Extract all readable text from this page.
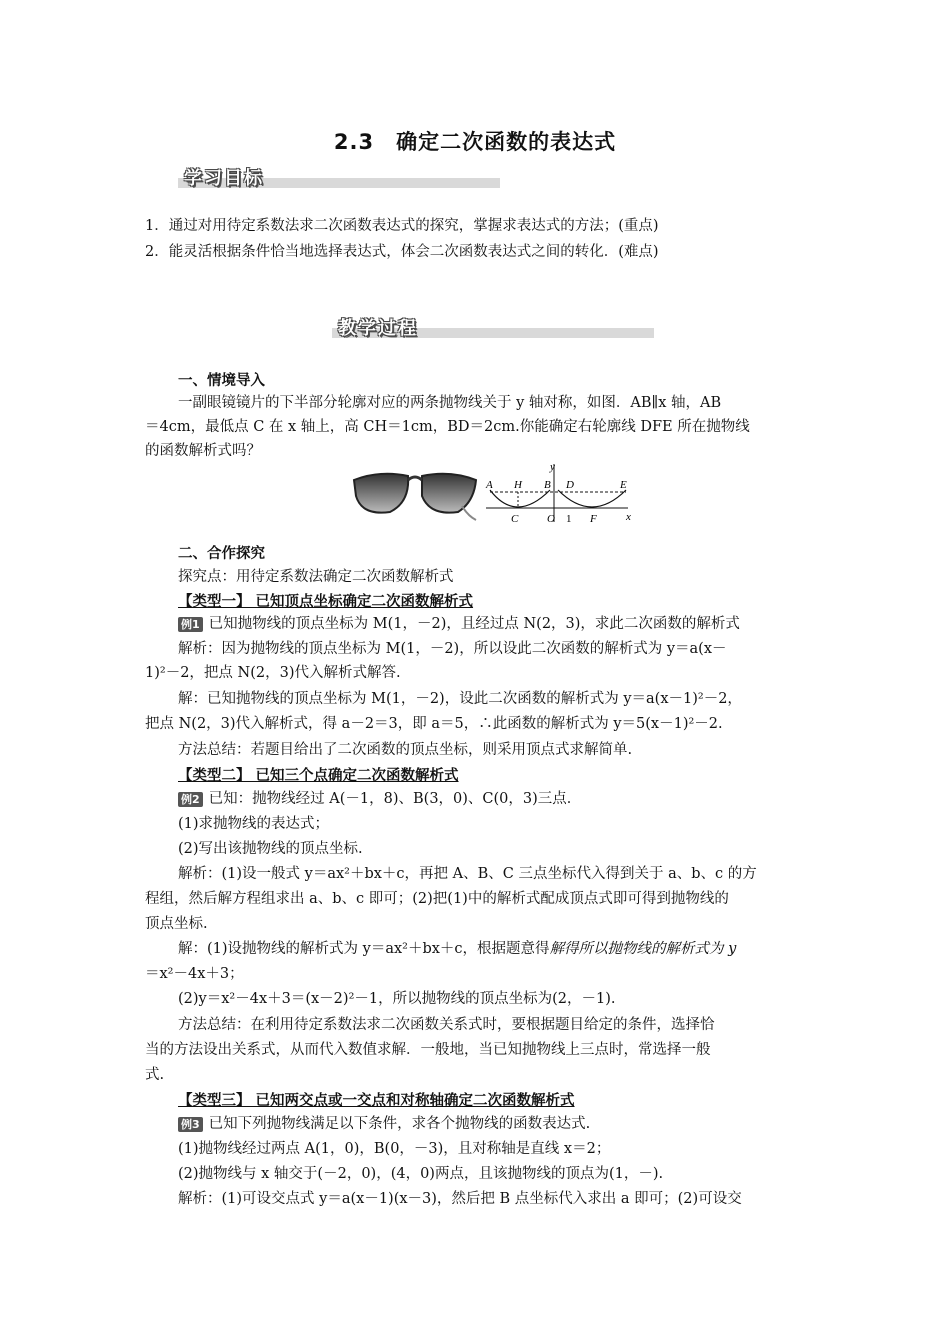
2.3　确定二次函数的表达式
学习目标
1．通过对用待定系数法求二次函数表达式的探究，掌握求表达式的方法；(重点)
2．能灵活根据条件恰当地选择表达式，体会二次函数表达式之间的转化．(难点)
教学过程
一、情境导入
一副眼镜镜片的下半部分轮廓对应的两条抛物线关于 y 轴对称，如图．AB∥x 轴，AB
＝4cm，最低点 C 在 x 轴上，高 CH＝1cm，BD＝2cm.你能确定右轮廓线 DFE 所在抛物线
的函数解析式吗？
A H B D	E
C	O 1 F	x
y
二、合作探究
探究点：用待定系数法确定二次函数解析式
【类型一】 已知顶点坐标确定二次函数解析式
例1 已知抛物线的顶点坐标为 M(1，－2)，且经过点 N(2，3)，求此二次函数的解析式
解析：因为抛物线的顶点坐标为 M(1，－2)，所以设此二次函数的解析式为 y＝a(x－
1)²－2，把点 N(2，3)代入解析式解答.
解：已知抛物线的顶点坐标为 M(1，－2)，设此二次函数的解析式为 y＝a(x－1)²－2，
把点 N(2，3)代入解析式，得 a－2＝3，即 a＝5，∴此函数的解析式为 y＝5(x－1)²－2.
方法总结：若题目给出了二次函数的顶点坐标，则采用顶点式求解简单.
【类型二】 已知三个点确定二次函数解析式
例2 已知：抛物线经过 A(－1，8)、B(3，0)、C(0，3)三点．
(1)求抛物线的表达式；
(2)写出该抛物线的顶点坐标.
解析：(1)设一般式 y＝ax²＋bx＋c，再把 A、B、C 三点坐标代入得到关于 a、b、c 的方
程组，然后解方程组求出 a、b、c 即可；(2)把(1)中的解析式配成顶点式即可得到抛物线的
顶点坐标.
解：(1)设抛物线的解析式为 y＝ax²＋bx＋c，根据题意得解得所以抛物线的解析式为 y
＝x²－4x＋3；
(2)y＝x²－4x＋3＝(x－2)²－1，所以抛物线的顶点坐标为(2，－1).
方法总结：在利用待定系数法求二次函数关系式时，要根据题目给定的条件，选择恰
当的方法设出关系式，从而代入数值求解．一般地，当已知抛物线上三点时，常选择一般
式.
【类型三】 已知两交点或一交点和对称轴确定二次函数解析式
例3 已知下列抛物线满足以下条件，求各个抛物线的函数表达式.
(1)抛物线经过两点 A(1，0)，B(0，－3)，且对称轴是直线 x＝2；
(2)抛物线与 x 轴交于(－2，0)，(4，0)两点，且该抛物线的顶点为(1，－).
解析：(1)可设交点式 y＝a(x－1)(x－3)，然后把 B 点坐标代入求出 a 即可；(2)可设交
